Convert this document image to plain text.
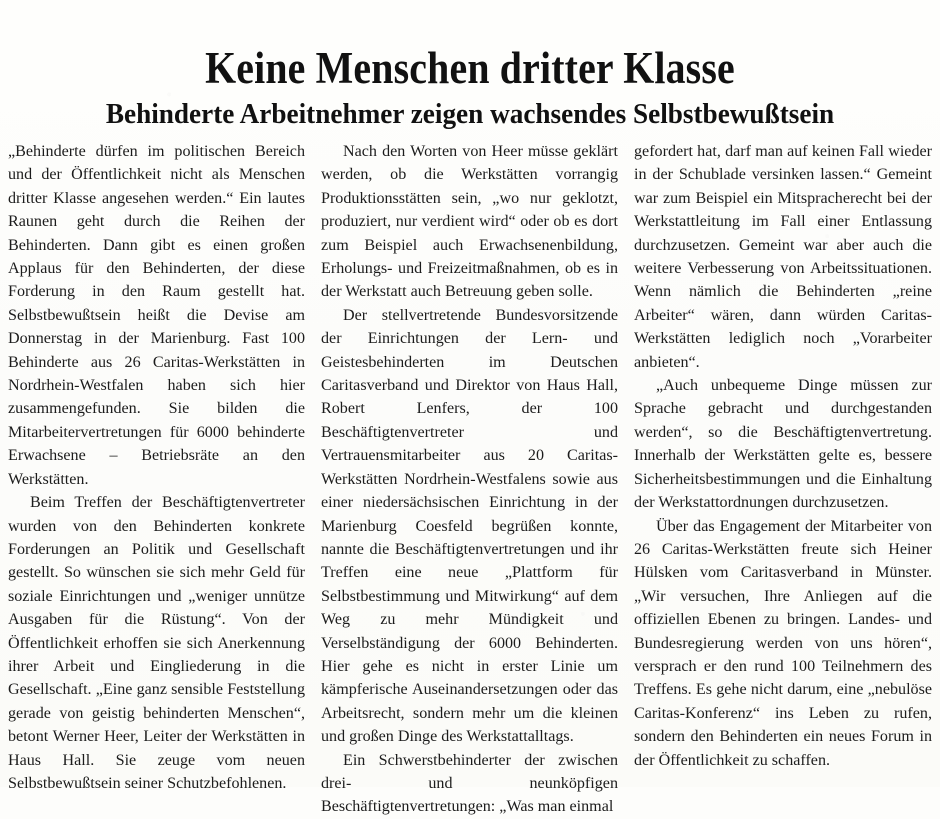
Keine Menschen dritter Klasse
Behinderte Arbeitnehmer zeigen wachsendes Selbstbewußtsein

„Behinderte dürfen im politischen Bereich und der Öffentlichkeit nicht als Menschen dritter Klasse angesehen werden.“ Ein lautes Raunen geht durch die Reihen der Behinderten. Dann gibt es einen großen Applaus für den Behinderten, der diese Forderung in den Raum gestellt hat. Selbstbewußtsein heißt die Devise am Donnerstag in der Marienburg. Fast 100 Behinderte aus 26 Caritas-Werkstätten in Nordrhein-Westfalen haben sich hier zusammengefunden. Sie bilden die Mitarbeitervertretungen für 6000 behinderte Erwachsene – Betriebsräte an den Werkstätten.

Beim Treffen der Beschäftigtenvertreter wurden von den Behinderten konkrete Forderungen an Politik und Gesellschaft gestellt. So wünschen sie sich mehr Geld für soziale Einrichtungen und „weniger unnütze Ausgaben für die Rüstung“. Von der Öffentlichkeit erhoffen sie sich Anerkennung ihrer Arbeit und Eingliederung in die Gesellschaft. „Eine ganz sensible Feststellung gerade von geistig behinderten Menschen“, betont Werner Heer, Leiter der Werkstätten in Haus Hall. Sie zeuge vom neuen Selbstbewußtsein seiner Schutzbefohlenen.

Nach den Worten von Heer müsse geklärt werden, ob die Werkstätten vorrangig Produktionsstätten sein, „wo nur geklotzt, produziert, nur verdient wird“ oder ob es dort zum Beispiel auch Erwachsenenbildung, Erholungs- und Freizeitmaßnahmen, ob es in der Werkstatt auch Betreuung geben solle.

Der stellvertretende Bundesvorsitzende der Einrichtungen der Lern- und Geistesbehinderten im Deutschen Caritasverband und Direktor von Haus Hall, Robert Lenfers, der 100 Beschäftigtenvertreter und Vertrauensmitarbeiter aus 20 Caritas-Werkstätten Nordrhein-Westfalens sowie aus einer niedersächsischen Einrichtung in der Marienburg Coesfeld begrüßen konnte, nannte die Beschäftigtenvertretungen und ihr Treffen eine neue „Plattform für Selbstbestimmung und Mitwirkung“ auf dem Weg zu mehr Mündigkeit und Verselbständigung der 6000 Behinderten. Hier gehe es nicht in erster Linie um kämpferische Auseinandersetzungen oder das Arbeitsrecht, sondern mehr um die kleinen und großen Dinge des Werkstattalltags.

Ein Schwerstbehinderter der zwischen drei- und neunköpfigen Beschäftigtenvertretungen: „Was man einmal

gefordert hat, darf man auf keinen Fall wieder in der Schublade versinken lassen.“ Gemeint war zum Beispiel ein Mitspracherecht bei der Werkstattleitung im Fall einer Entlassung durchzusetzen. Gemeint war aber auch die weitere Verbesserung von Arbeitssituationen. Wenn nämlich die Behinderten „reine Arbeiter“ wären, dann würden Caritas-Werkstätten lediglich noch „Vorarbeiter anbieten“.

„Auch unbequeme Dinge müssen zur Sprache gebracht und durchgestanden werden“, so die Beschäftigtenvertretung. Innerhalb der Werkstätten gelte es, bessere Sicherheitsbestimmungen und die Einhaltung der Werkstattordnungen durchzusetzen.

Über das Engagement der Mitarbeiter von 26 Caritas-Werkstätten freute sich Heiner Hülsken vom Caritasverband in Münster. „Wir versuchen, Ihre Anliegen auf die offiziellen Ebenen zu bringen. Landes- und Bundesregierung werden von uns hören“, versprach er den rund 100 Teilnehmern des Treffens. Es gehe nicht darum, eine „nebulöse Caritas-Konferenz“ ins Leben zu rufen, sondern den Behinderten ein neues Forum in der Öffentlichkeit zu schaffen.
